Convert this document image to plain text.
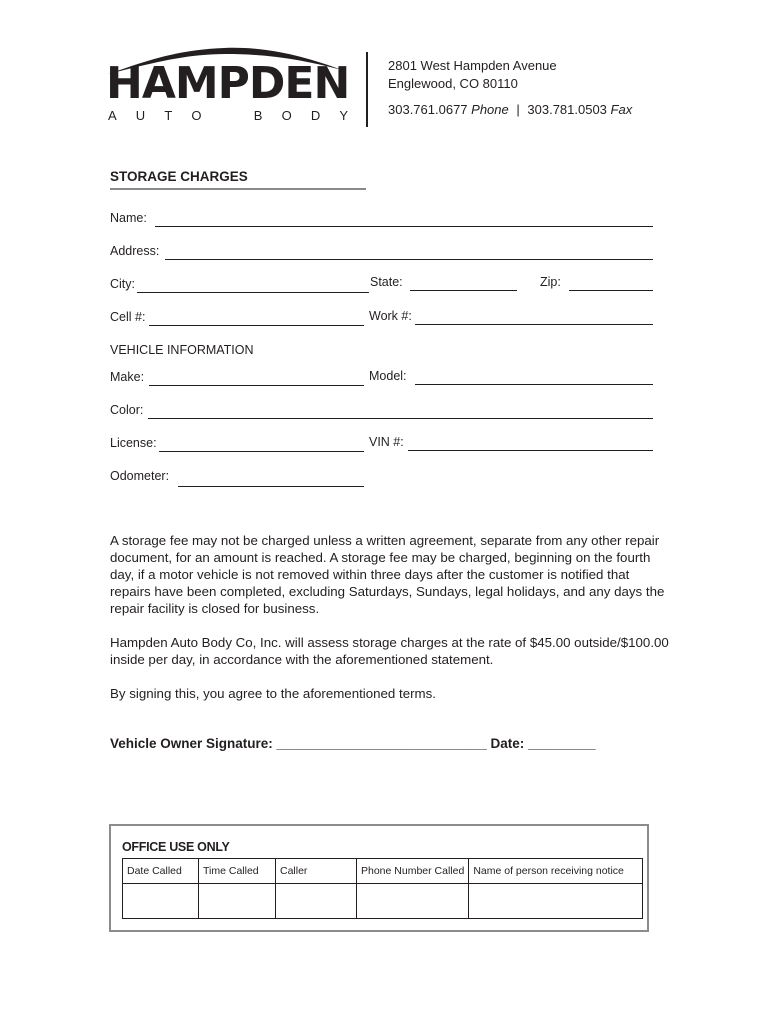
HAMPDEN
A U T O	B O D Y
2801 West Hampden Avenue
Englewood, CO 80110
303.761.0677 Phone | 303.781.0503 Fax
STORAGE CHARGES
Name:
Address:
City:	State:	Zip:
Cell #:	Work #:
VEHICLE INFORMATION
Make:	Model:
Color:
License:	VIN #:
Odometer:
A storage fee may not be charged unless a written agreement, separate from any other repair document, for an amount is reached. A storage fee may be charged, beginning on the fourth day, if a motor vehicle is not removed within three days after the customer is notified that repairs have been completed, excluding Saturdays, Sundays, legal holidays, and any days the repair facility is closed for business.
Hampden Auto Body Co, Inc. will assess storage charges at the rate of $45.00 outside/$100.00 inside per day, in accordance with the aforementioned statement.
By signing this, you agree to the aforementioned terms.
Vehicle Owner Signature: ____________________________ Date: _________
OFFICE USE ONLY
Date Called	Time Called	Caller	Phone Number Called	Name of person receiving notice
